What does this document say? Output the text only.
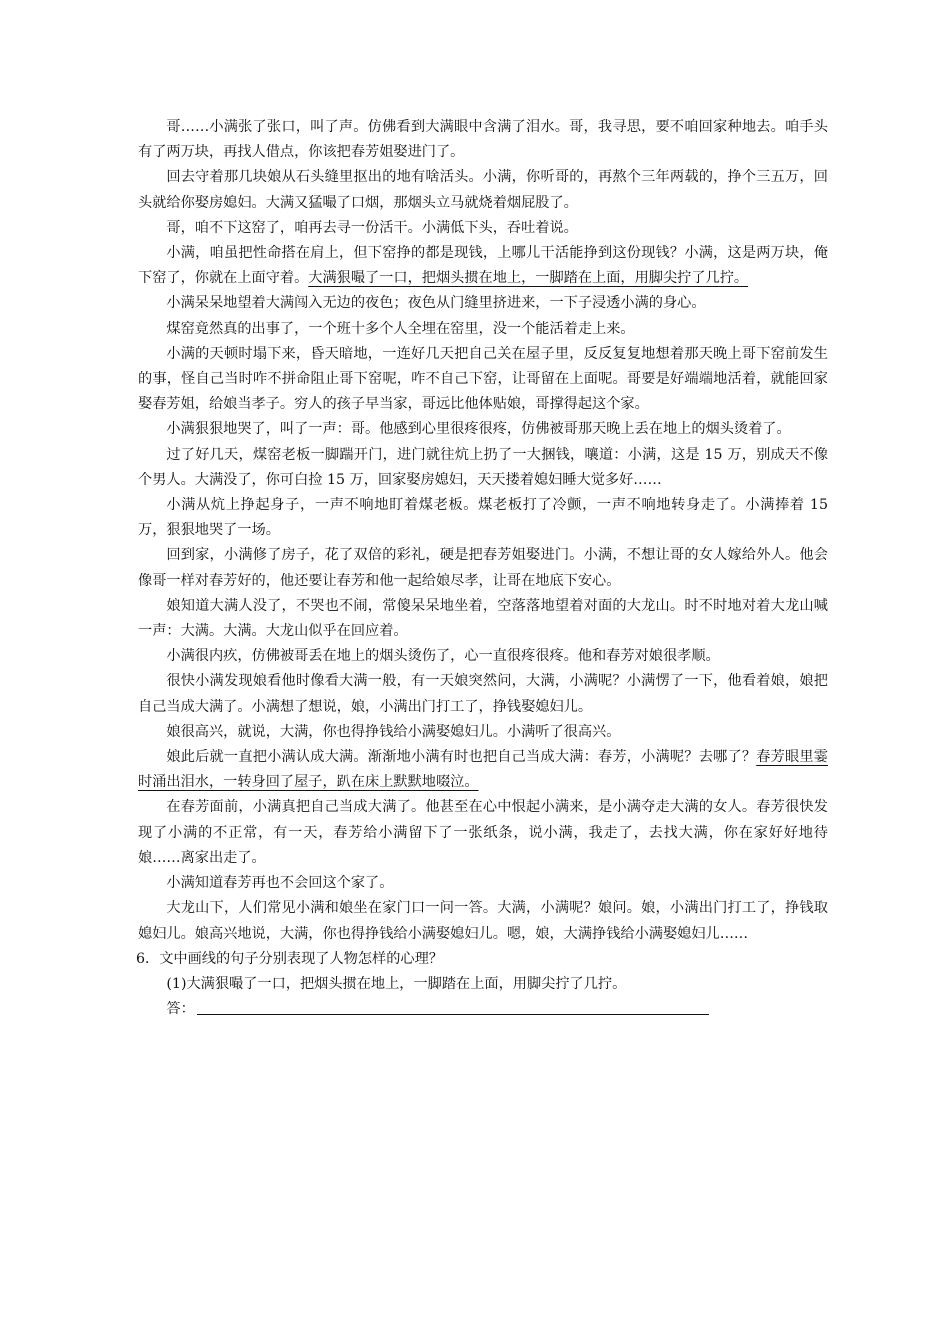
哥……小满张了张口，叫了声。仿佛看到大满眼中含满了泪水。哥，我寻思，要不咱回家种地去。咱手头有了两万块，再找人借点，你该把春芳姐娶进门了。

回去守着那几块娘从石头缝里抠出的地有啥活头。小满，你听哥的，再熬个三年两载的，挣个三五万，回头就给你娶房媳妇。大满又猛嘬了口烟，那烟头立马就烧着烟屁股了。

哥，咱不下这窑了，咱再去寻一份活干。小满低下头，吞吐着说。

小满，咱虽把性命搭在肩上，但下窑挣的都是现钱，上哪儿干活能挣到这份现钱？小满，这是两万块，俺下窑了，你就在上面守着。大满狠嘬了一口，把烟头掼在地上，一脚踏在上面，用脚尖拧了几拧。

小满呆呆地望着大满闯入无边的夜色；夜色从门缝里挤进来，一下子浸透小满的身心。

煤窑竟然真的出事了，一个班十多个人全埋在窑里，没一个能活着走上来。

小满的天顿时塌下来，昏天暗地，一连好几天把自己关在屋子里，反反复复地想着那天晚上哥下窑前发生的事，怪自己当时咋不拼命阻止哥下窑呢，咋不自己下窑，让哥留在上面呢。哥要是好端端地活着，就能回家娶春芳姐，给娘当孝子。穷人的孩子早当家，哥远比他体贴娘，哥撑得起这个家。

小满狠狠地哭了，叫了一声：哥。他感到心里很疼很疼，仿佛被哥那天晚上丢在地上的烟头烫着了。

过了好几天，煤窑老板一脚踹开门，进门就往炕上扔了一大捆钱，嚷道：小满，这是 15 万，别成天不像个男人。大满没了，你可白捡 15 万，回家娶房媳妇，天天搂着媳妇睡大觉多好……

小满从炕上挣起身子，一声不响地盯着煤老板。煤老板打了冷颤，一声不响地转身走了。小满捧着 15 万，狠狠地哭了一场。

回到家，小满修了房子，花了双倍的彩礼，硬是把春芳姐娶进门。小满，不想让哥的女人嫁给外人。他会像哥一样对春芳好的，他还要让春芳和他一起给娘尽孝，让哥在地底下安心。

娘知道大满人没了，不哭也不闹，常傻呆呆地坐着，空落落地望着对面的大龙山。时不时地对着大龙山喊一声：大满。大满。大龙山似乎在回应着。

小满很内疚，仿佛被哥丢在地上的烟头烫伤了，心一直很疼很疼。他和春芳对娘很孝顺。

很快小满发现娘看他时像看大满一般，有一天娘突然问，大满，小满呢？小满愣了一下，他看着娘，娘把自己当成大满了。小满想了想说，娘，小满出门打工了，挣钱娶媳妇儿。

娘很高兴，就说，大满，你也得挣钱给小满娶媳妇儿。小满听了很高兴。

娘此后就一直把小满认成大满。渐渐地小满有时也把自己当成大满：春芳，小满呢？去哪了？春芳眼里霎时涌出泪水，一转身回了屋子，趴在床上默默地啜泣。

在春芳面前，小满真把自己当成大满了。他甚至在心中恨起小满来，是小满夺走大满的女人。春芳很快发现了小满的不正常，有一天，春芳给小满留下了一张纸条，说小满，我走了，去找大满，你在家好好地待娘……离家出走了。

小满知道春芳再也不会回这个家了。

大龙山下，人们常见小满和娘坐在家门口一问一答。大满，小满呢？娘问。娘，小满出门打工了，挣钱取媳妇儿。娘高兴地说，大满，你也得挣钱给小满娶媳妇儿。嗯，娘，大满挣钱给小满娶媳妇儿……

6．文中画线的句子分别表现了人物怎样的心理？

(1)大满狠嘬了一口，把烟头掼在地上，一脚踏在上面，用脚尖拧了几拧。

答：
